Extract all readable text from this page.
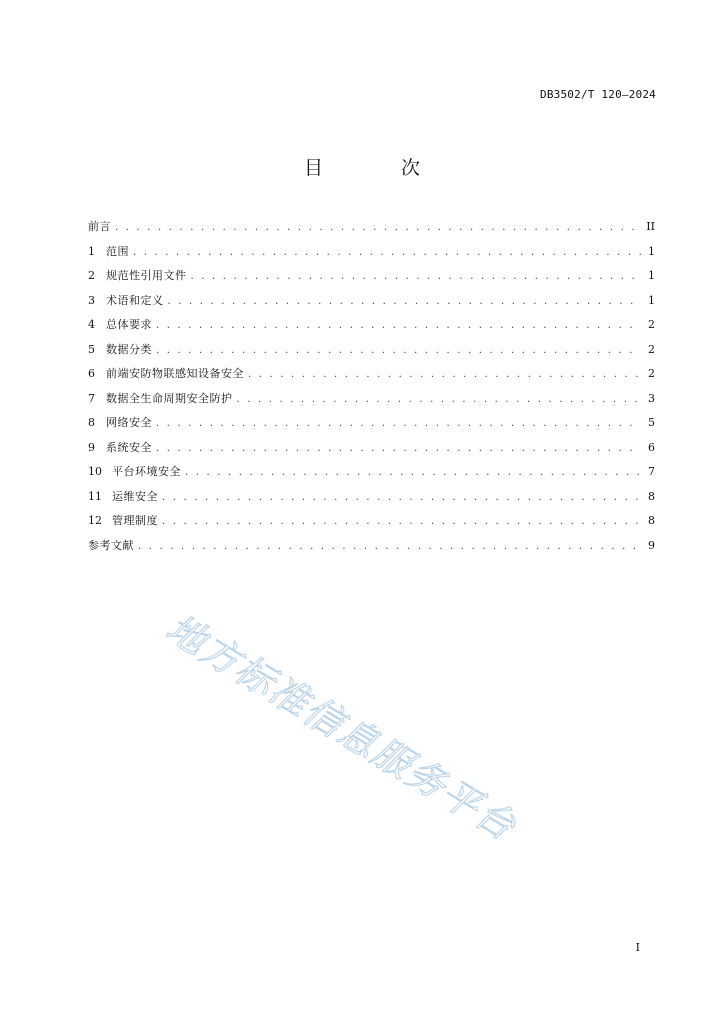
DB3502/T 120—2024
目 次
前言 . . .	II
1	范围 . . .	1
2	规范性引用文件 . . .	1
3	术语和定义 . . .	1
4	总体要求 . . .	2
5	数据分类 . . .	2
6	前端安防物联感知设备安全 . . .	2
7	数据全生命周期安全防护 . . .	3
8	网络安全 . . .	5
9	系统安全 . . .	6
10 平台环境安全 . . .	7
11 运维安全 . . .	8
12 管理制度 . . .	8
参考文献 . . .	9
地方标准信息服务平台
I
